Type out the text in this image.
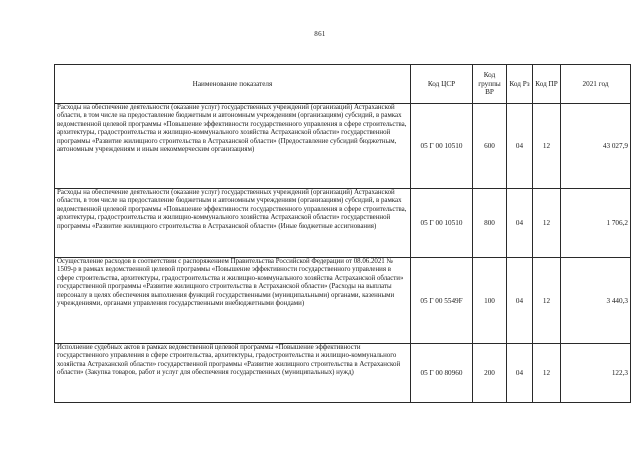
861
Наименование показателя	Код ЦСР	Код группы ВР	Код Рз	Код ПР	2021 год
Расходы на обеспечение деятельности (оказание услуг) государственных учреждений (организаций) Астраханской области, в том числе на предоставление бюджетным и автономным учреждениям (организациям) субсидий, в рамках ведомственной целевой программы «Повышение эффективности государственного управления в сфере строительства, архитектуры, градостроительства и жилищно-коммунального хозяйства Астраханской области» государственной программы «Развитие жилищного строительства в Астраханской области» (Предоставление субсидий бюджетным, автономным учреждениям и иным некоммерческим организациям)	05 Г 00 10510	600	04	12	43 027,9
Расходы на обеспечение деятельности (оказание услуг) государственных учреждений (организаций) Астраханской области, в том числе на предоставление бюджетным и автономным учреждениям (организациям) субсидий, в рамках ведомственной целевой программы «Повышение эффективности государственного управления в сфере строительства, архитектуры, градостроительства и жилищно-коммунального хозяйства Астраханской области» государственной программы «Развитие жилищного строительства в Астраханской области» (Иные бюджетные ассигнования)	05 Г 00 10510	800	04	12	1 706,2
Осуществление расходов в соответствии с распоряжением Правительства Российской Федерации от 08.06.2021 № 1509-р в рамках ведомственной целевой программы «Повышение эффективности государственного управления в сфере строительства, архитектуры, градостроительства и жилищно-коммунального хозяйства Астраханской области» государственной программы «Развитие жилищного строительства в Астраханской области» (Расходы на выплаты персоналу в целях обеспечения выполнения функций государственными (муниципальными) органами, казенными учреждениями, органами управления государственными внебюджетными фондами)	05 Г 00 5549F	100	04	12	3 440,3
Исполнение судебных актов в рамках ведомственной целевой программы «Повышение эффективности государственного управления в сфере строительства, архитектуры, градостроительства и жилищно-коммунального хозяйства Астраханской области» государственной программы «Развитие жилищного строительства в Астраханской области» (Закупка товаров, работ и услуг для обеспечения государственных (муниципальных) нужд)	05 Г 00 80960	200	04	12	122,3
